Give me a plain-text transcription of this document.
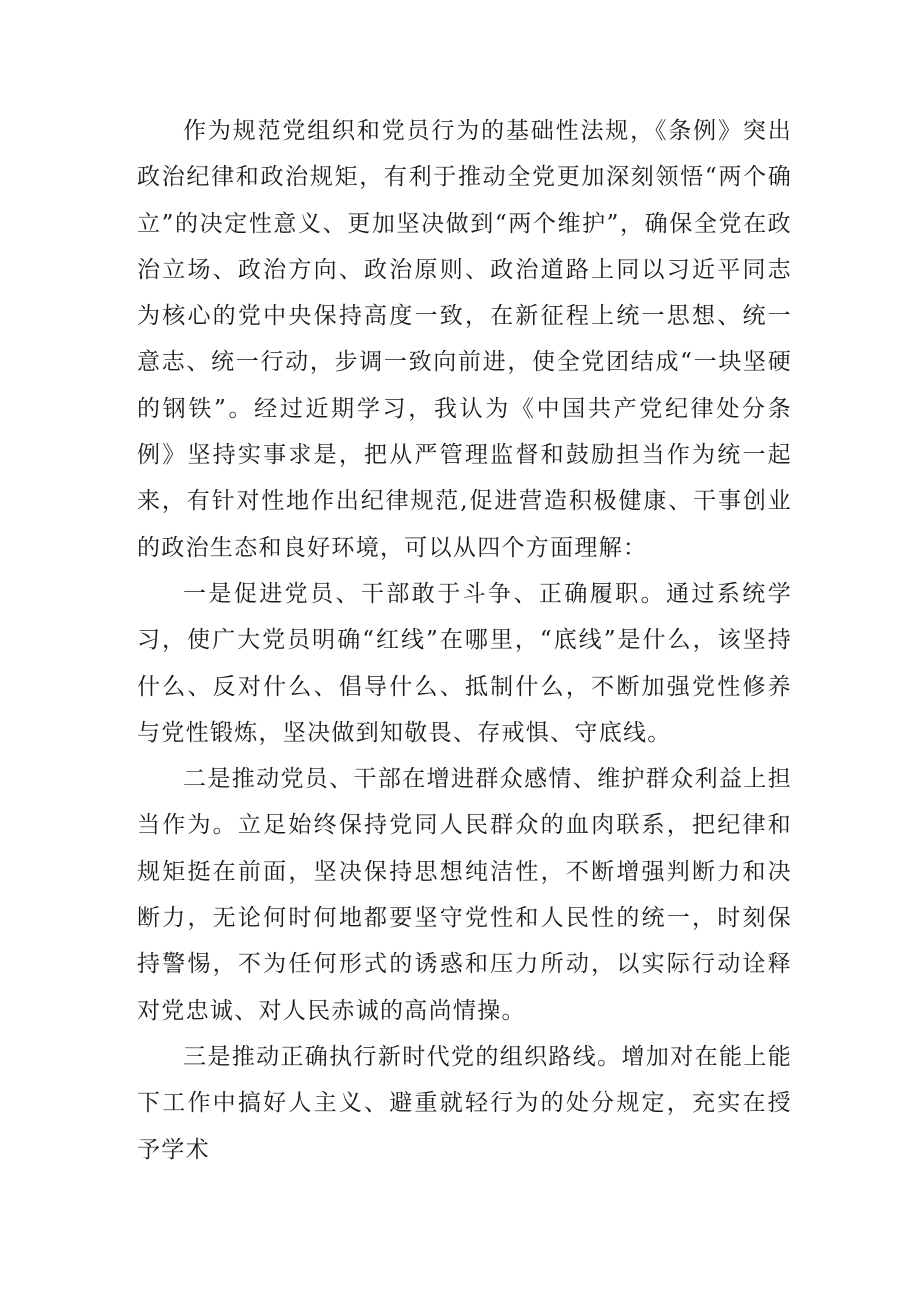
作为规范党组织和党员行为的基础性法规，《条例》突出政治纪律和政治规矩，有利于推动全党更加深刻领悟“两个确立”的决定性意义、更加坚决做到“两个维护”，确保全党在政治立场、政治方向、政治原则、政治道路上同以习近平同志为核心的党中央保持高度一致，在新征程上统一思想、统一意志、统一行动，步调一致向前进，使全党团结成“一块坚硬的钢铁”。经过近期学习，我认为《中国共产党纪律处分条例》坚持实事求是，把从严管理监督和鼓励担当作为统一起来，有针对性地作出纪律规范,促进营造积极健康、干事创业的政治生态和良好环境，可以从四个方面理解：

一是促进党员、干部敢于斗争、正确履职。通过系统学习，使广大党员明确“红线”在哪里，“底线”是什么，该坚持什么、反对什么、倡导什么、抵制什么，不断加强党性修养与党性锻炼，坚决做到知敬畏、存戒惧、守底线。

二是推动党员、干部在增进群众感情、维护群众利益上担当作为。立足始终保持党同人民群众的血肉联系，把纪律和规矩挺在前面，坚决保持思想纯洁性，不断增强判断力和决断力，无论何时何地都要坚守党性和人民性的统一，时刻保持警惕，不为任何形式的诱惑和压力所动，以实际行动诠释对党忠诚、对人民赤诚的高尚情操。

三是推动正确执行新时代党的组织路线。增加对在能上能下工作中搞好人主义、避重就轻行为的处分规定，充实在授予学术
